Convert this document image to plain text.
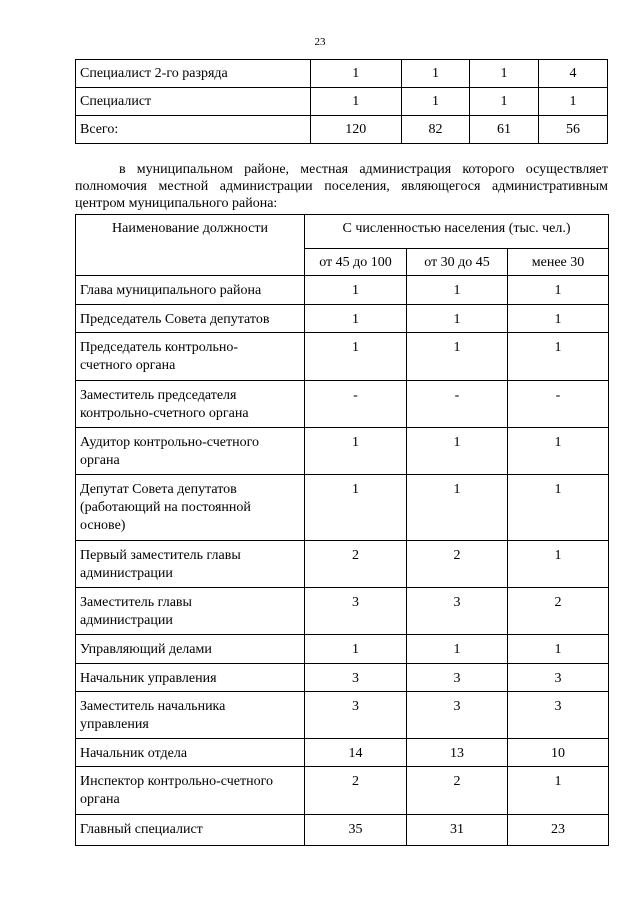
23
Специалист 2-го разряда	1	1	1	4
Специалист	1	1	1	1
Всего:	120	82	61	56
в муниципальном районе, местная администрация которого осуществляет полномочия местной администрации поселения, являющегося административным центром муниципального района:
Наименование должности	С численностью населения (тыс. чел.)		
	от 45 до 100	от 30 до 45	менее 30
Глава муниципального района	1	1	1
Председатель Совета депутатов	1	1	1
Председатель контрольно-
счетного органа	1	1	1
Заместитель председателя
контрольно-счетного органа	-	-	-
Аудитор контрольно-счетного
органа	1	1	1
Депутат Совета депутатов
(работающий на постоянной
основе)	1	1	1
Первый заместитель главы
администрации	2	2	1
Заместитель главы
администрации	3	3	2
Управляющий делами	1	1	1
Начальник управления	3	3	3
Заместитель начальника
управления	3	3	3
Начальник отдела	14	13	10
Инспектор контрольно-счетного
органа	2	2	1
Главный специалист	35	31	23
